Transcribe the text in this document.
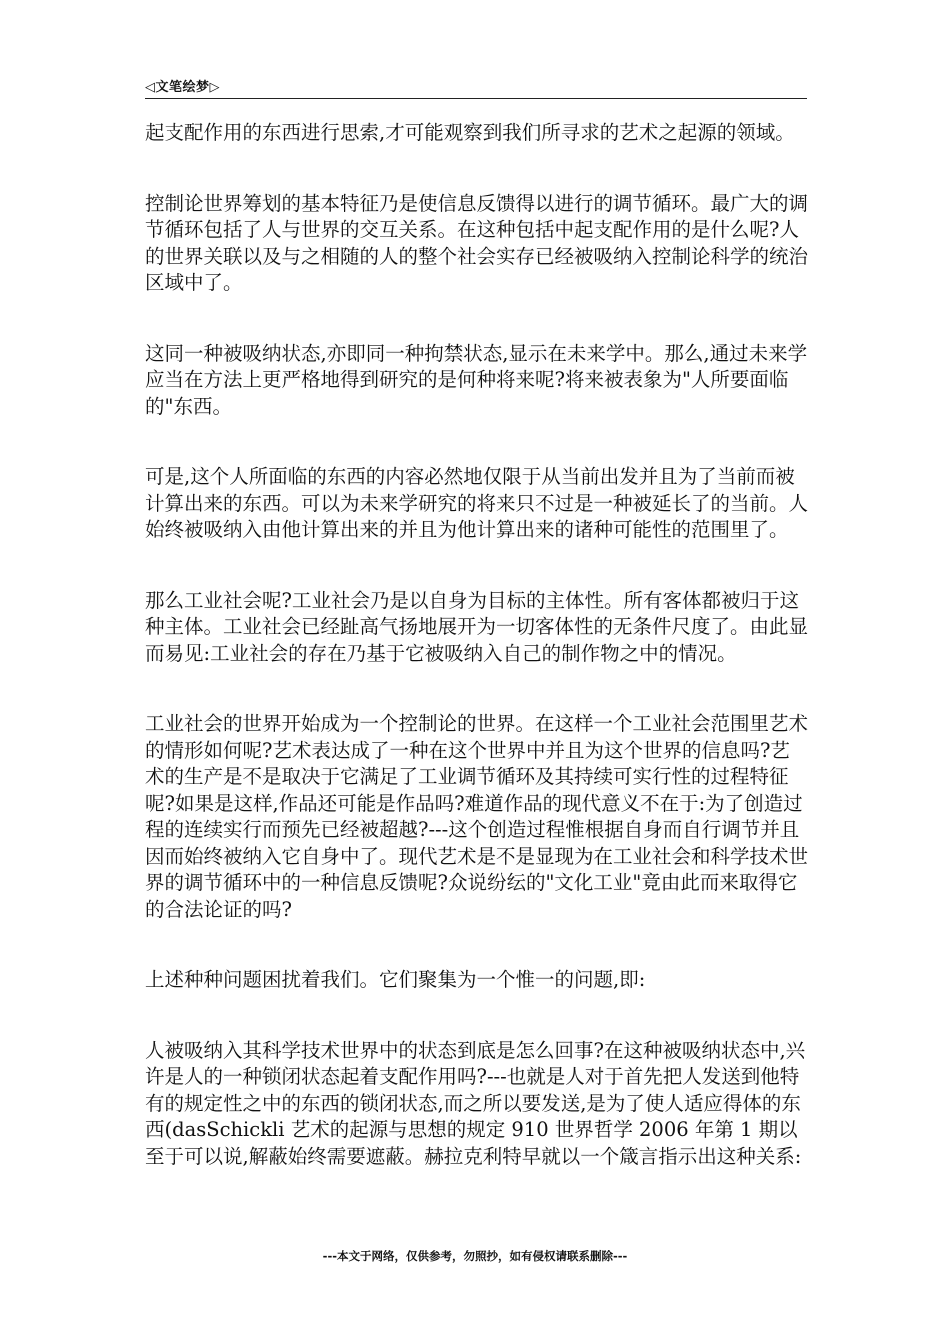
◁文笔绘梦▷

起支配作用的东西进行思索,才可能观察到我们所寻求的艺术之起源的领域。

控制论世界筹划的基本特征乃是使信息反馈得以进行的调节循环。最广大的调节循环包括了人与世界的交互关系。在这种包括中起支配作用的是什么呢?人的世界关联以及与之相随的人的整个社会实存已经被吸纳入控制论科学的统治区域中了。

这同一种被吸纳状态,亦即同一种拘禁状态,显示在未来学中。那么,通过未来学应当在方法上更严格地得到研究的是何种将来呢?将来被表象为"人所要面临的"东西。

可是,这个人所面临的东西的内容必然地仅限于从当前出发并且为了当前而被计算出来的东西。可以为未来学研究的将来只不过是一种被延长了的当前。人始终被吸纳入由他计算出来的并且为他计算出来的诸种可能性的范围里了。

那么工业社会呢?工业社会乃是以自身为目标的主体性。所有客体都被归于这种主体。工业社会已经趾高气扬地展开为一切客体性的无条件尺度了。由此显而易见:工业社会的存在乃基于它被吸纳入自己的制作物之中的情况。

工业社会的世界开始成为一个控制论的世界。在这样一个工业社会范围里艺术的情形如何呢?艺术表达成了一种在这个世界中并且为这个世界的信息吗?艺术的生产是不是取决于它满足了工业调节循环及其持续可实行性的过程特征呢?如果是这样,作品还可能是作品吗?难道作品的现代意义不在于:为了创造过程的连续实行而预先已经被超越?---这个创造过程惟根据自身而自行调节并且因而始终被纳入它自身中了。现代艺术是不是显现为在工业社会和科学技术世界的调节循环中的一种信息反馈呢?众说纷纭的"文化工业"竟由此而来取得它的合法论证的吗?

上述种种问题困扰着我们。它们聚集为一个惟一的问题,即:

人被吸纳入其科学技术世界中的状态到底是怎么回事?在这种被吸纳状态中,兴许是人的一种锁闭状态起着支配作用吗?---也就是人对于首先把人发送到他特有的规定性之中的东西的锁闭状态,而之所以要发送,是为了使人适应得体的东西(dasSchickli 艺术的起源与思想的规定 910 世界哲学 2006 年第 1 期以至于可以说,解蔽始终需要遮蔽。赫拉克利特早就以一个箴言指示出这种关系:

---本文于网络，仅供参考，勿照抄，如有侵权请联系删除---
